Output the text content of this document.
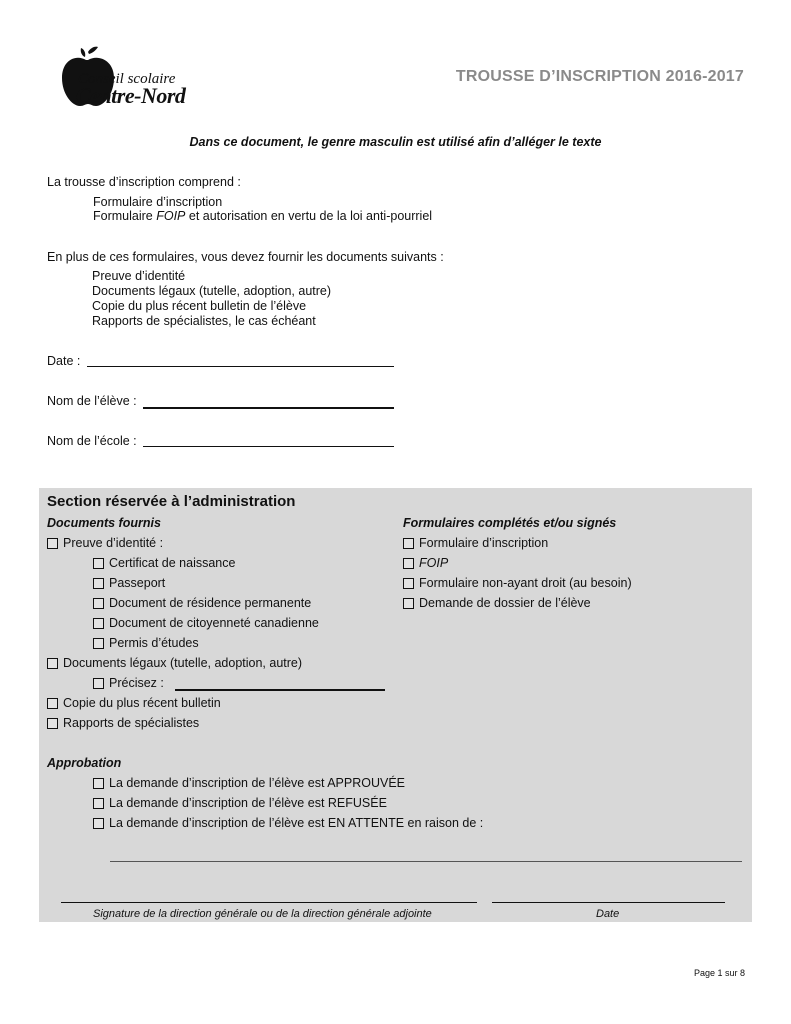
Conseil scolaire
Centre-Nord
TROUSSE D’INSCRIPTION 2016-2017
Dans ce document, le genre masculin est utilisé afin d’alléger le texte
La trousse d’inscription comprend :
Formulaire d’inscription
Formulaire FOIP et autorisation en vertu de la loi anti-pourriel
En plus de ces formulaires, vous devez fournir les documents suivants :
Preuve d’identité
Documents légaux (tutelle, adoption, autre)
Copie du plus récent bulletin de l’élève
Rapports de spécialistes, le cas échéant
Date :
Nom de l’élève :
Nom de l’école :
Section réservée à l’administration
Documents fournis	Formulaires complétés et/ou signés
Preuve d’identité :
Certificat de naissance
Passeport
Document de résidence permanente
Document de citoyenneté canadienne
Permis d’études
Documents légaux (tutelle, adoption, autre)
Précisez :
Copie du plus récent bulletin
Rapports de spécialistes
Formulaire d’inscription
FOIP
Formulaire non-ayant droit (au besoin)
Demande de dossier de l’élève
Approbation
La demande d’inscription de l’élève est APPROUVÉE
La demande d’inscription de l’élève est REFUSÉE
La demande d’inscription de l’élève est EN ATTENTE en raison de :
Signature de la direction générale ou de la direction générale adjointe	Date
Page 1 sur 8
